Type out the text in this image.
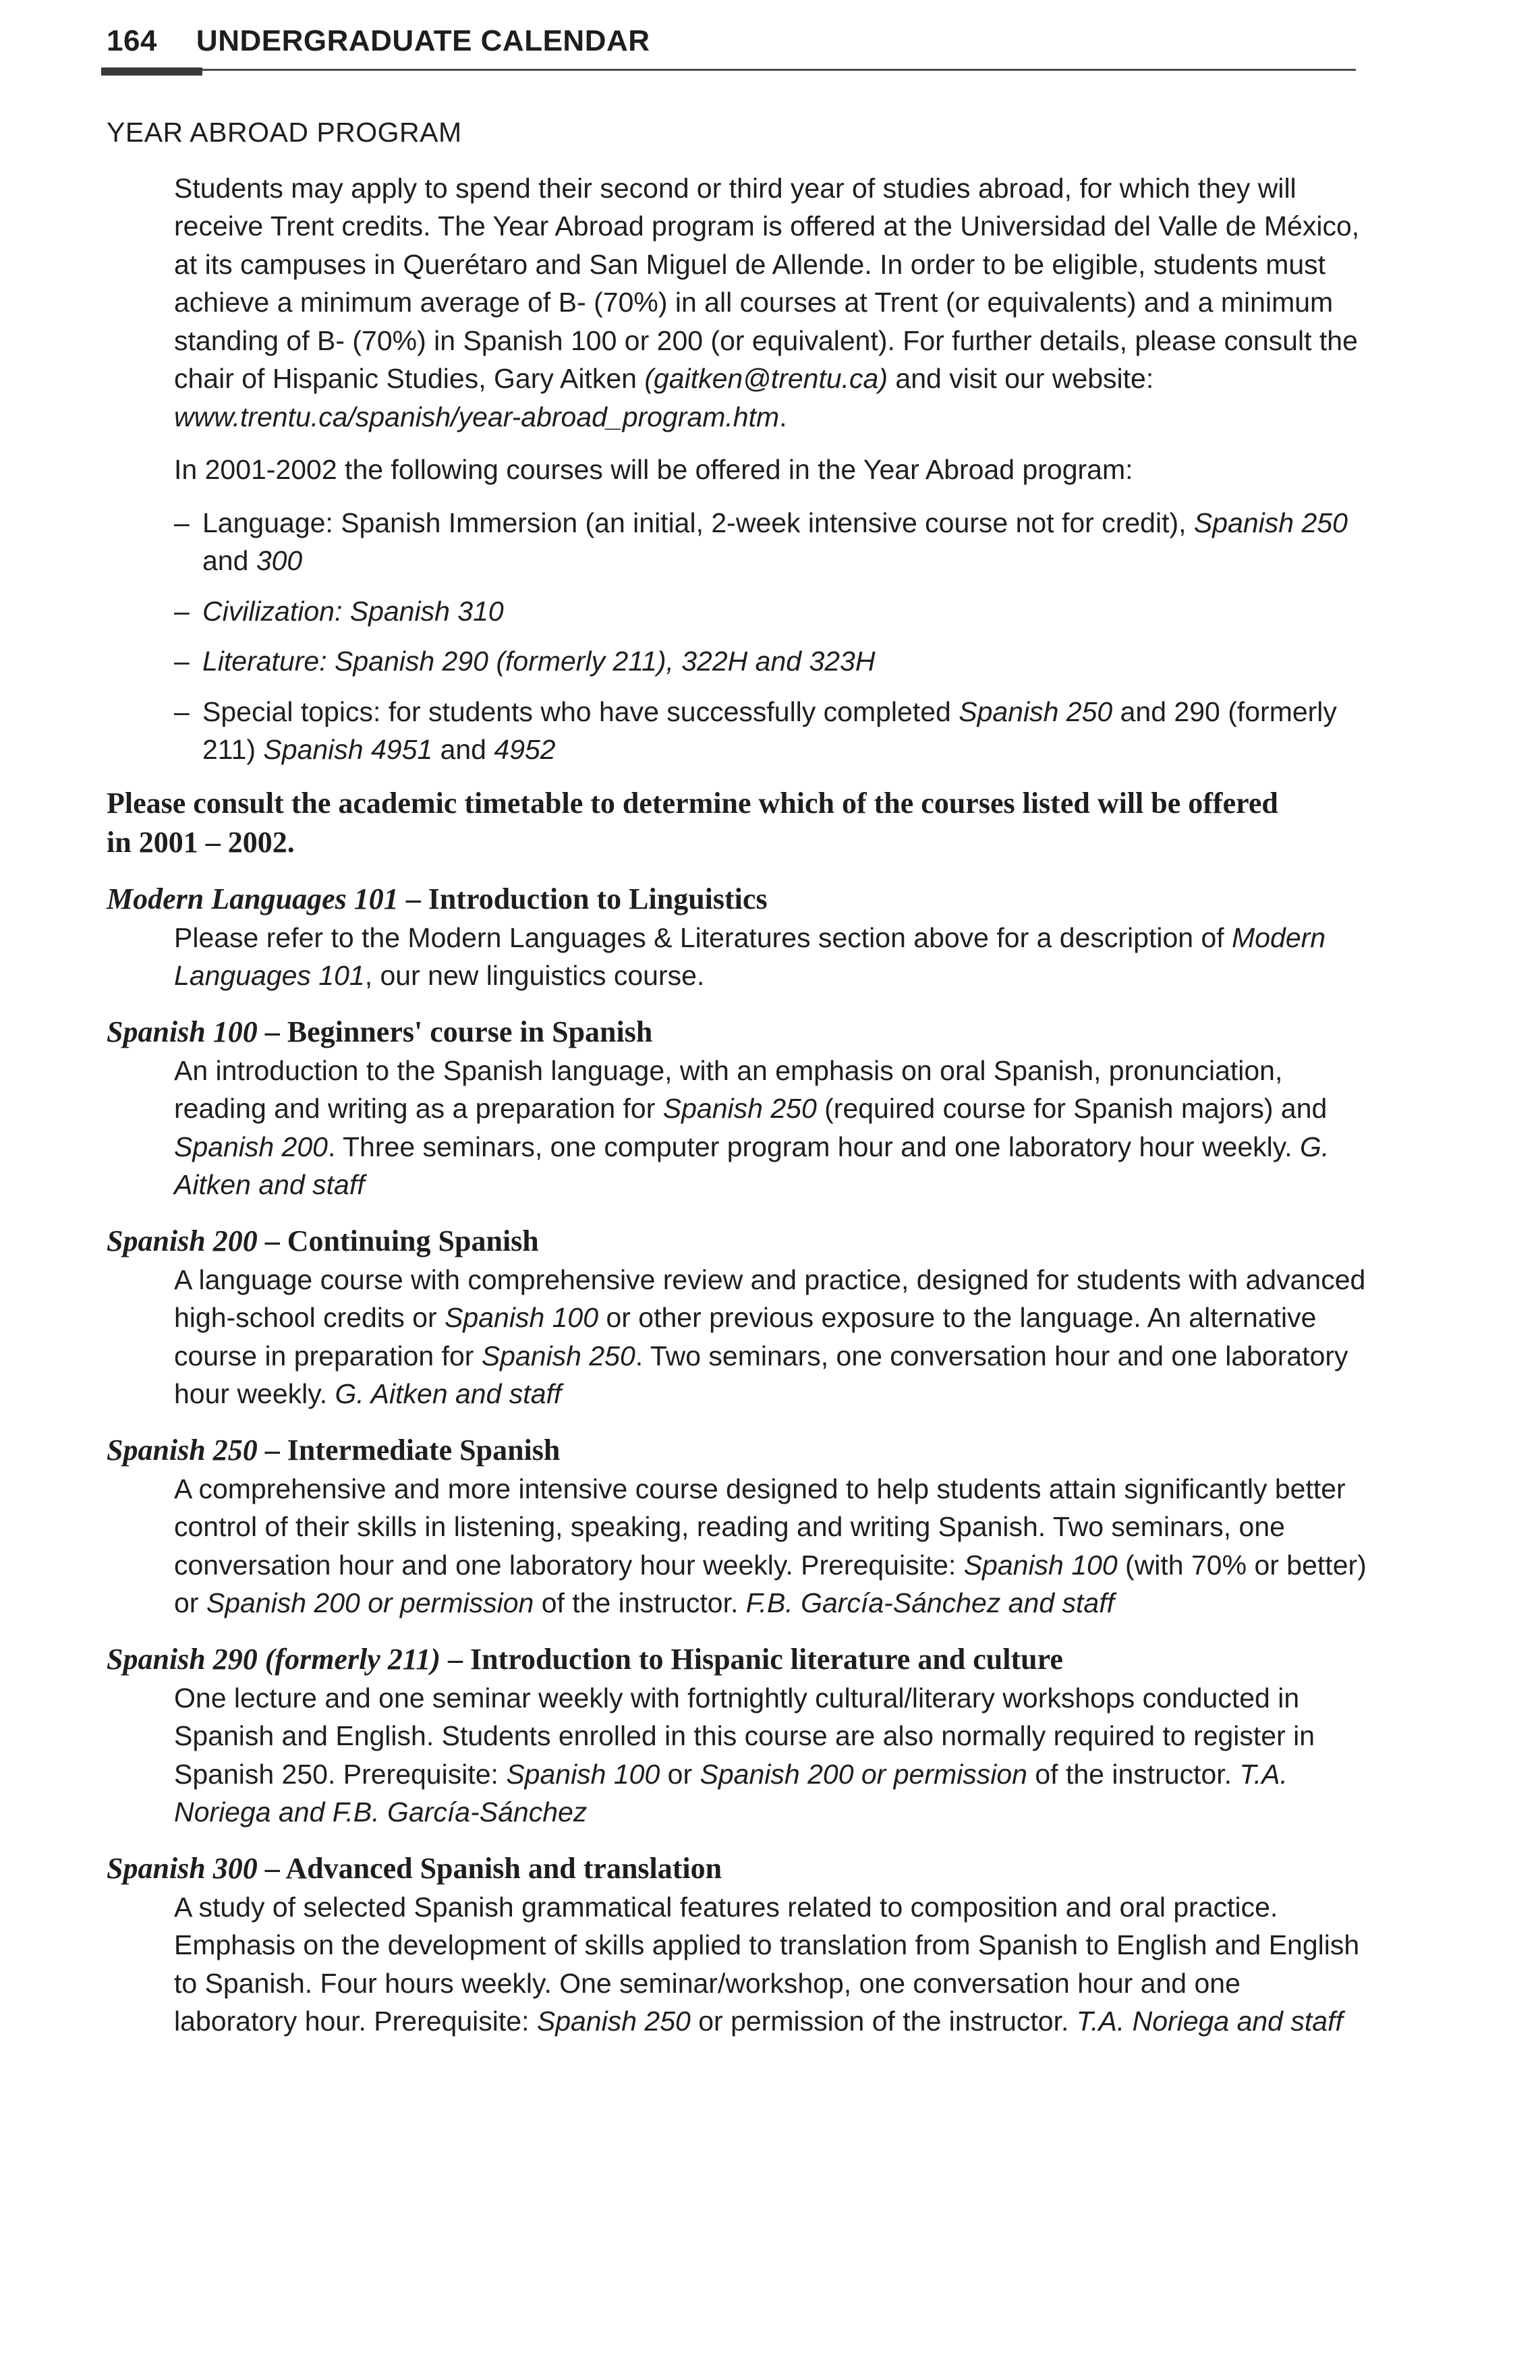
164 UNDERGRADUATE CALENDAR
YEAR ABROAD PROGRAM

Students may apply to spend their second or third year of studies abroad, for which they will receive Trent credits. The Year Abroad program is offered at the Universidad del Valle de México, at its campuses in Querétaro and San Miguel de Allende. In order to be eligible, students must achieve a minimum average of B- (70%) in all courses at Trent (or equivalents) and a minimum standing of B- (70%) in Spanish 100 or 200 (or equivalent). For further details, please consult the chair of Hispanic Studies, Gary Aitken (gaitken@trentu.ca) and visit our website: www.trentu.ca/spanish/year-abroad_program.htm.

In 2001-2002 the following courses will be offered in the Year Abroad program:

– Language: Spanish Immersion (an initial, 2-week intensive course not for credit), Spanish 250 and 300
– Civilization: Spanish 310
– Literature: Spanish 290 (formerly 211), 322H and 323H
– Special topics: for students who have successfully completed Spanish 250 and 290 (formerly 211) Spanish 4951 and 4952

Please consult the academic timetable to determine which of the courses listed will be offered in 2001 – 2002.

Modern Languages 101 – Introduction to Linguistics

Please refer to the Modern Languages & Literatures section above for a description of Modern Languages 101, our new linguistics course.

Spanish 100 – Beginners' course in Spanish

An introduction to the Spanish language, with an emphasis on oral Spanish, pronunciation, reading and writing as a preparation for Spanish 250 (required course for Spanish majors) and Spanish 200. Three seminars, one computer program hour and one laboratory hour weekly. G. Aitken and staff

Spanish 200 – Continuing Spanish

A language course with comprehensive review and practice, designed for students with advanced high-school credits or Spanish 100 or other previous exposure to the language. An alternative course in preparation for Spanish 250. Two seminars, one conversation hour and one laboratory hour weekly. G. Aitken and staff

Spanish 250 – Intermediate Spanish

A comprehensive and more intensive course designed to help students attain significantly better control of their skills in listening, speaking, reading and writing Spanish. Two seminars, one conversation hour and one laboratory hour weekly. Prerequisite: Spanish 100 (with 70% or better) or Spanish 200 or permission of the instructor. F.B. García-Sánchez and staff

Spanish 290 (formerly 211) – Introduction to Hispanic literature and culture

One lecture and one seminar weekly with fortnightly cultural/literary workshops conducted in Spanish and English. Students enrolled in this course are also normally required to register in Spanish 250. Prerequisite: Spanish 100 or Spanish 200 or permission of the instructor. T.A. Noriega and F.B. García-Sánchez

Spanish 300 – Advanced Spanish and translation

A study of selected Spanish grammatical features related to composition and oral practice. Emphasis on the development of skills applied to translation from Spanish to English and English to Spanish. Four hours weekly. One seminar/workshop, one conversation hour and one laboratory hour. Prerequisite: Spanish 250 or permission of the instructor. T.A. Noriega and staff
